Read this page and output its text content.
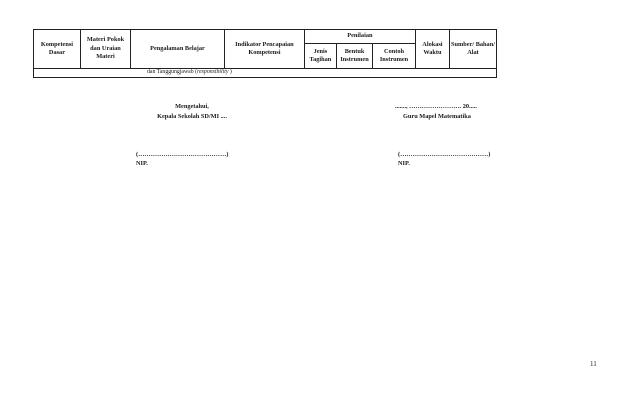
Kompetensi Dasar	Materi Pokok dan Uraian Materi	Pengalaman Belajar	Indikator Pencapaian Kompetensi	Penilaian			Alokasi Waktu	Sumber/ Bahan/ Alat
				Jenis Tagihan	Bentuk Instrumen	Contoh Instrumen		

dan Tanggungjawab (responsibility )								
Mengetahui,
Kepala Sekolah SD/MI ....
(……………………………………)
NIP.
......., ……………………. 20.....
Guru Mapel Matematika
(……………………………………)
NIP.
11
